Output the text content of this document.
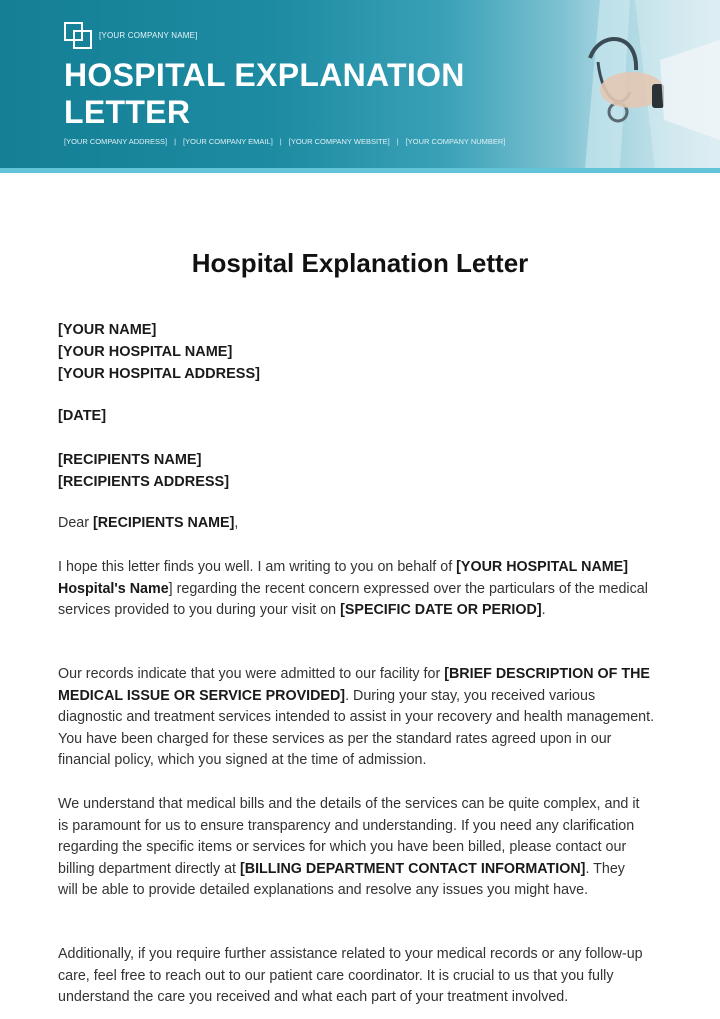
[YOUR COMPANY NAME]
HOSPITAL EXPLANATION
LETTER
[YOUR COMPANY ADDRESS] | [YOUR COMPANY EMAIL] | [YOUR COMPANY WEBSITE] | [YOUR COMPANY NUMBER]
Hospital Explanation Letter
[YOUR NAME]
[YOUR HOSPITAL NAME]
[YOUR HOSPITAL ADDRESS]
[DATE]
[RECIPIENTS NAME]
[RECIPIENTS ADDRESS]
Dear [RECIPIENTS NAME],
I hope this letter finds you well. I am writing to you on behalf of [YOUR HOSPITAL NAME] Hospital's Name] regarding the recent concern expressed over the particulars of the medical services provided to you during your visit on [SPECIFIC DATE OR PERIOD].
Our records indicate that you were admitted to our facility for [BRIEF DESCRIPTION OF THE MEDICAL ISSUE OR SERVICE PROVIDED]. During your stay, you received various diagnostic and treatment services intended to assist in your recovery and health management. You have been charged for these services as per the standard rates agreed upon in our financial policy, which you signed at the time of admission.
We understand that medical bills and the details of the services can be quite complex, and it is paramount for us to ensure transparency and understanding. If you need any clarification regarding the specific items or services for which you have been billed, please contact our billing department directly at [BILLING DEPARTMENT CONTACT INFORMATION]. They will be able to provide detailed explanations and resolve any issues you might have.
Additionally, if you require further assistance related to your medical records or any follow-up care, feel free to reach out to our patient care coordinator. It is crucial to us that you fully understand the care you received and what each part of your treatment involved.
